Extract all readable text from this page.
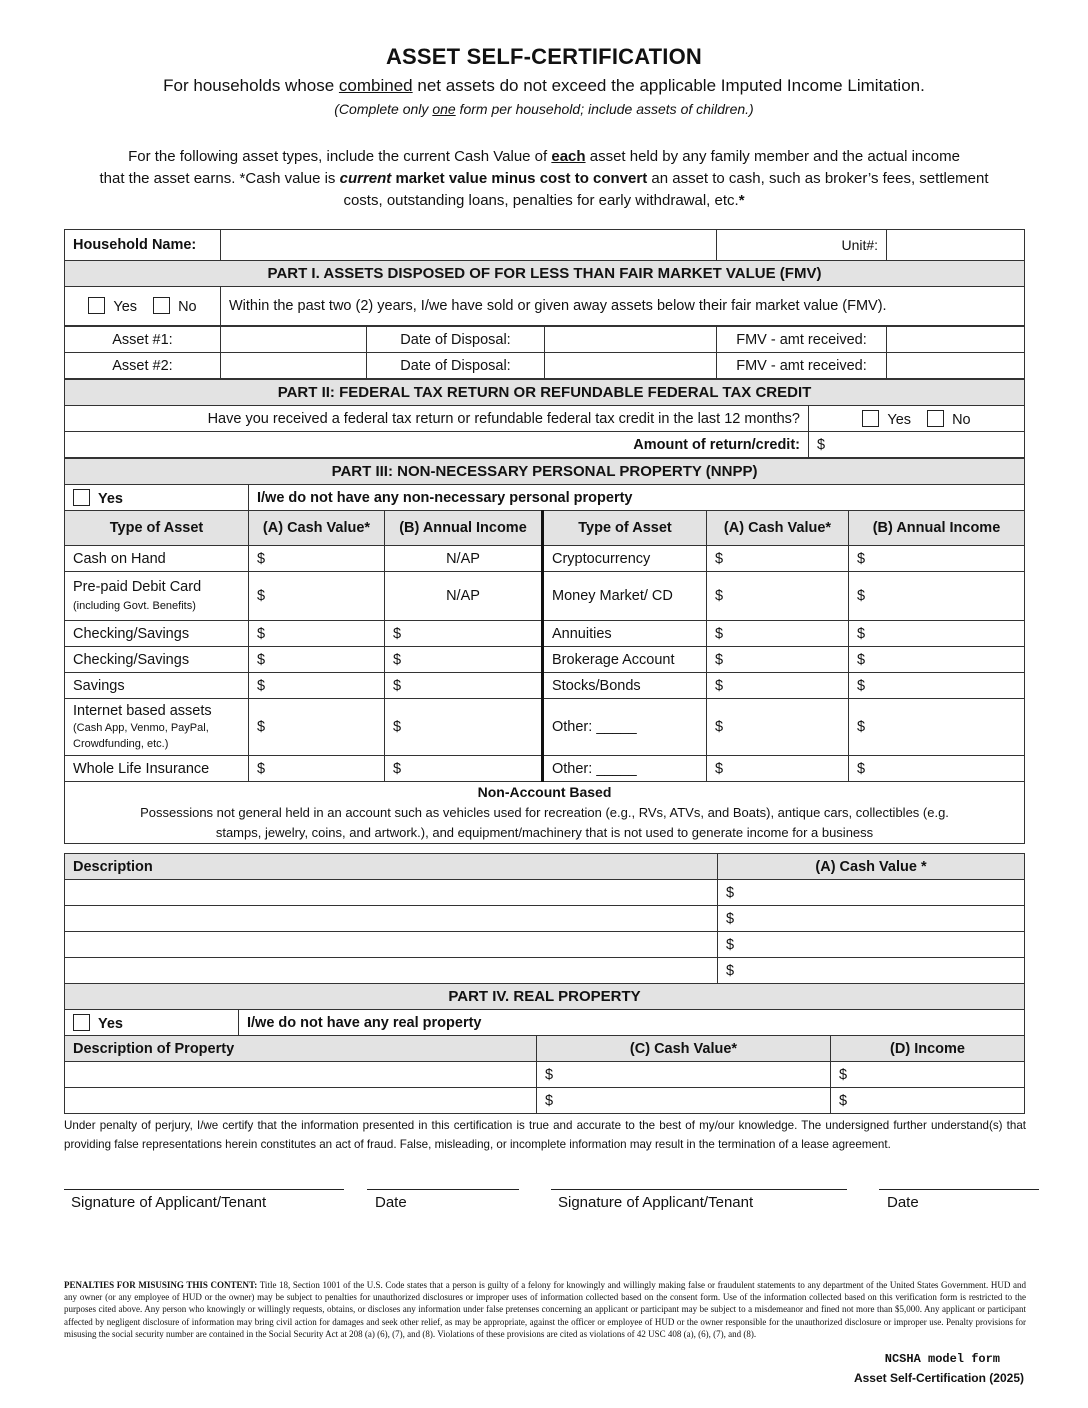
ASSET SELF-CERTIFICATION
For households whose combined net assets do not exceed the applicable Imputed Income Limitation.
(Complete only one form per household; include assets of children.)
For the following asset types, include the current Cash Value of each asset held by any family member and the actual income
that the asset earns. *Cash value is current market value minus cost to convert an asset to cash, such as broker’s fees, settlement
costs, outstanding loans, penalties for early withdrawal, etc.*
Household Name:		Unit#:	
PART I. ASSETS DISPOSED OF FOR LESS THAN FAIR MARKET VALUE (FMV)			
Yes No	Within the past two (2) years, I/we have sold or given away assets below their fair market value (FMV).		
Asset #1:		Date of Disposal:		FMV - amt received:	
Asset #2:		Date of Disposal:		FMV - amt received:	
PART II: FEDERAL TAX RETURN OR REFUNDABLE FEDERAL TAX CREDIT	
Have you received a federal tax return or refundable federal tax credit in the last 12 months?	Yes No
Amount of return/credit:	$
PART III: NON-NECESSARY PERSONAL PROPERTY (NNPP)					
Yes	I/we do not have any non-necessary personal property				
Type of Asset	(A) Cash Value*	(B) Annual Income	Type of Asset	(A) Cash Value*	(B) Annual Income
Cash on Hand	$	N/AP	Cryptocurrency	$	$
Pre-paid Debit Card
(including Govt. Benefits)	$	N/AP	Money Market/ CD	$	$
Checking/Savings	$	$	Annuities	$	$
Checking/Savings	$	$	Brokerage Account	$	$
Savings	$	$	Stocks/Bonds	$	$
Internet based assets
(Cash App, Venmo, PayPal, Crowdfunding, etc.)	$	$	Other: _____	$	$
Whole Life Insurance	$	$	Other: _____	$	$
Non-Account Based
Possessions not general held in an account such as vehicles used for recreation (e.g., RVs, ATVs, and Boats), antique cars, collectibles (e.g.
stamps, jewelry, coins, and artwork.), and equipment/machinery that is not used to generate income for a business					
Description	(A) Cash Value *
	$
	$
	$
	$
PART IV. REAL PROPERTY
Yes	I/we do not have any real property
Description of Property	(C) Cash Value*	(D) Income
	$	$
	$	$
Under penalty of perjury, I/we certify that the information presented in this certification is true and accurate to the best of my/our knowledge. The undersigned further understand(s) that providing false representations herein constitutes an act of fraud. False, misleading, or incomplete information may result in the termination of a lease agreement.
Signature of Applicant/Tenant	Date	Signature of Applicant/Tenant	Date
PENALTIES FOR MISUSING THIS CONTENT: Title 18, Section 1001 of the U.S. Code states that a person is guilty of a felony for knowingly and willingly making false or fraudulent statements to any department of the United States Government. HUD and any owner (or any employee of HUD or the owner) may be subject to penalties for unauthorized disclosures or improper uses of information collected based on the consent form. Use of the information collected based on this verification form is restricted to the purposes cited above. Any person who knowingly or willingly requests, obtains, or discloses any information under false pretenses concerning an applicant or participant may be subject to a misdemeanor and fined not more than $5,000. Any applicant or participant affected by negligent disclosure of information may bring civil action for damages and seek other relief, as may be appropriate, against the officer or employee of HUD or the owner responsible for the unauthorized disclosure or improper use. Penalty provisions for misusing the social security number are contained in the Social Security Act at 208 (a) (6), (7), and (8). Violations of these provisions are cited as violations of 42 USC 408 (a), (6), (7), and (8).
NCSHA model form
Asset Self-Certification (2025)
